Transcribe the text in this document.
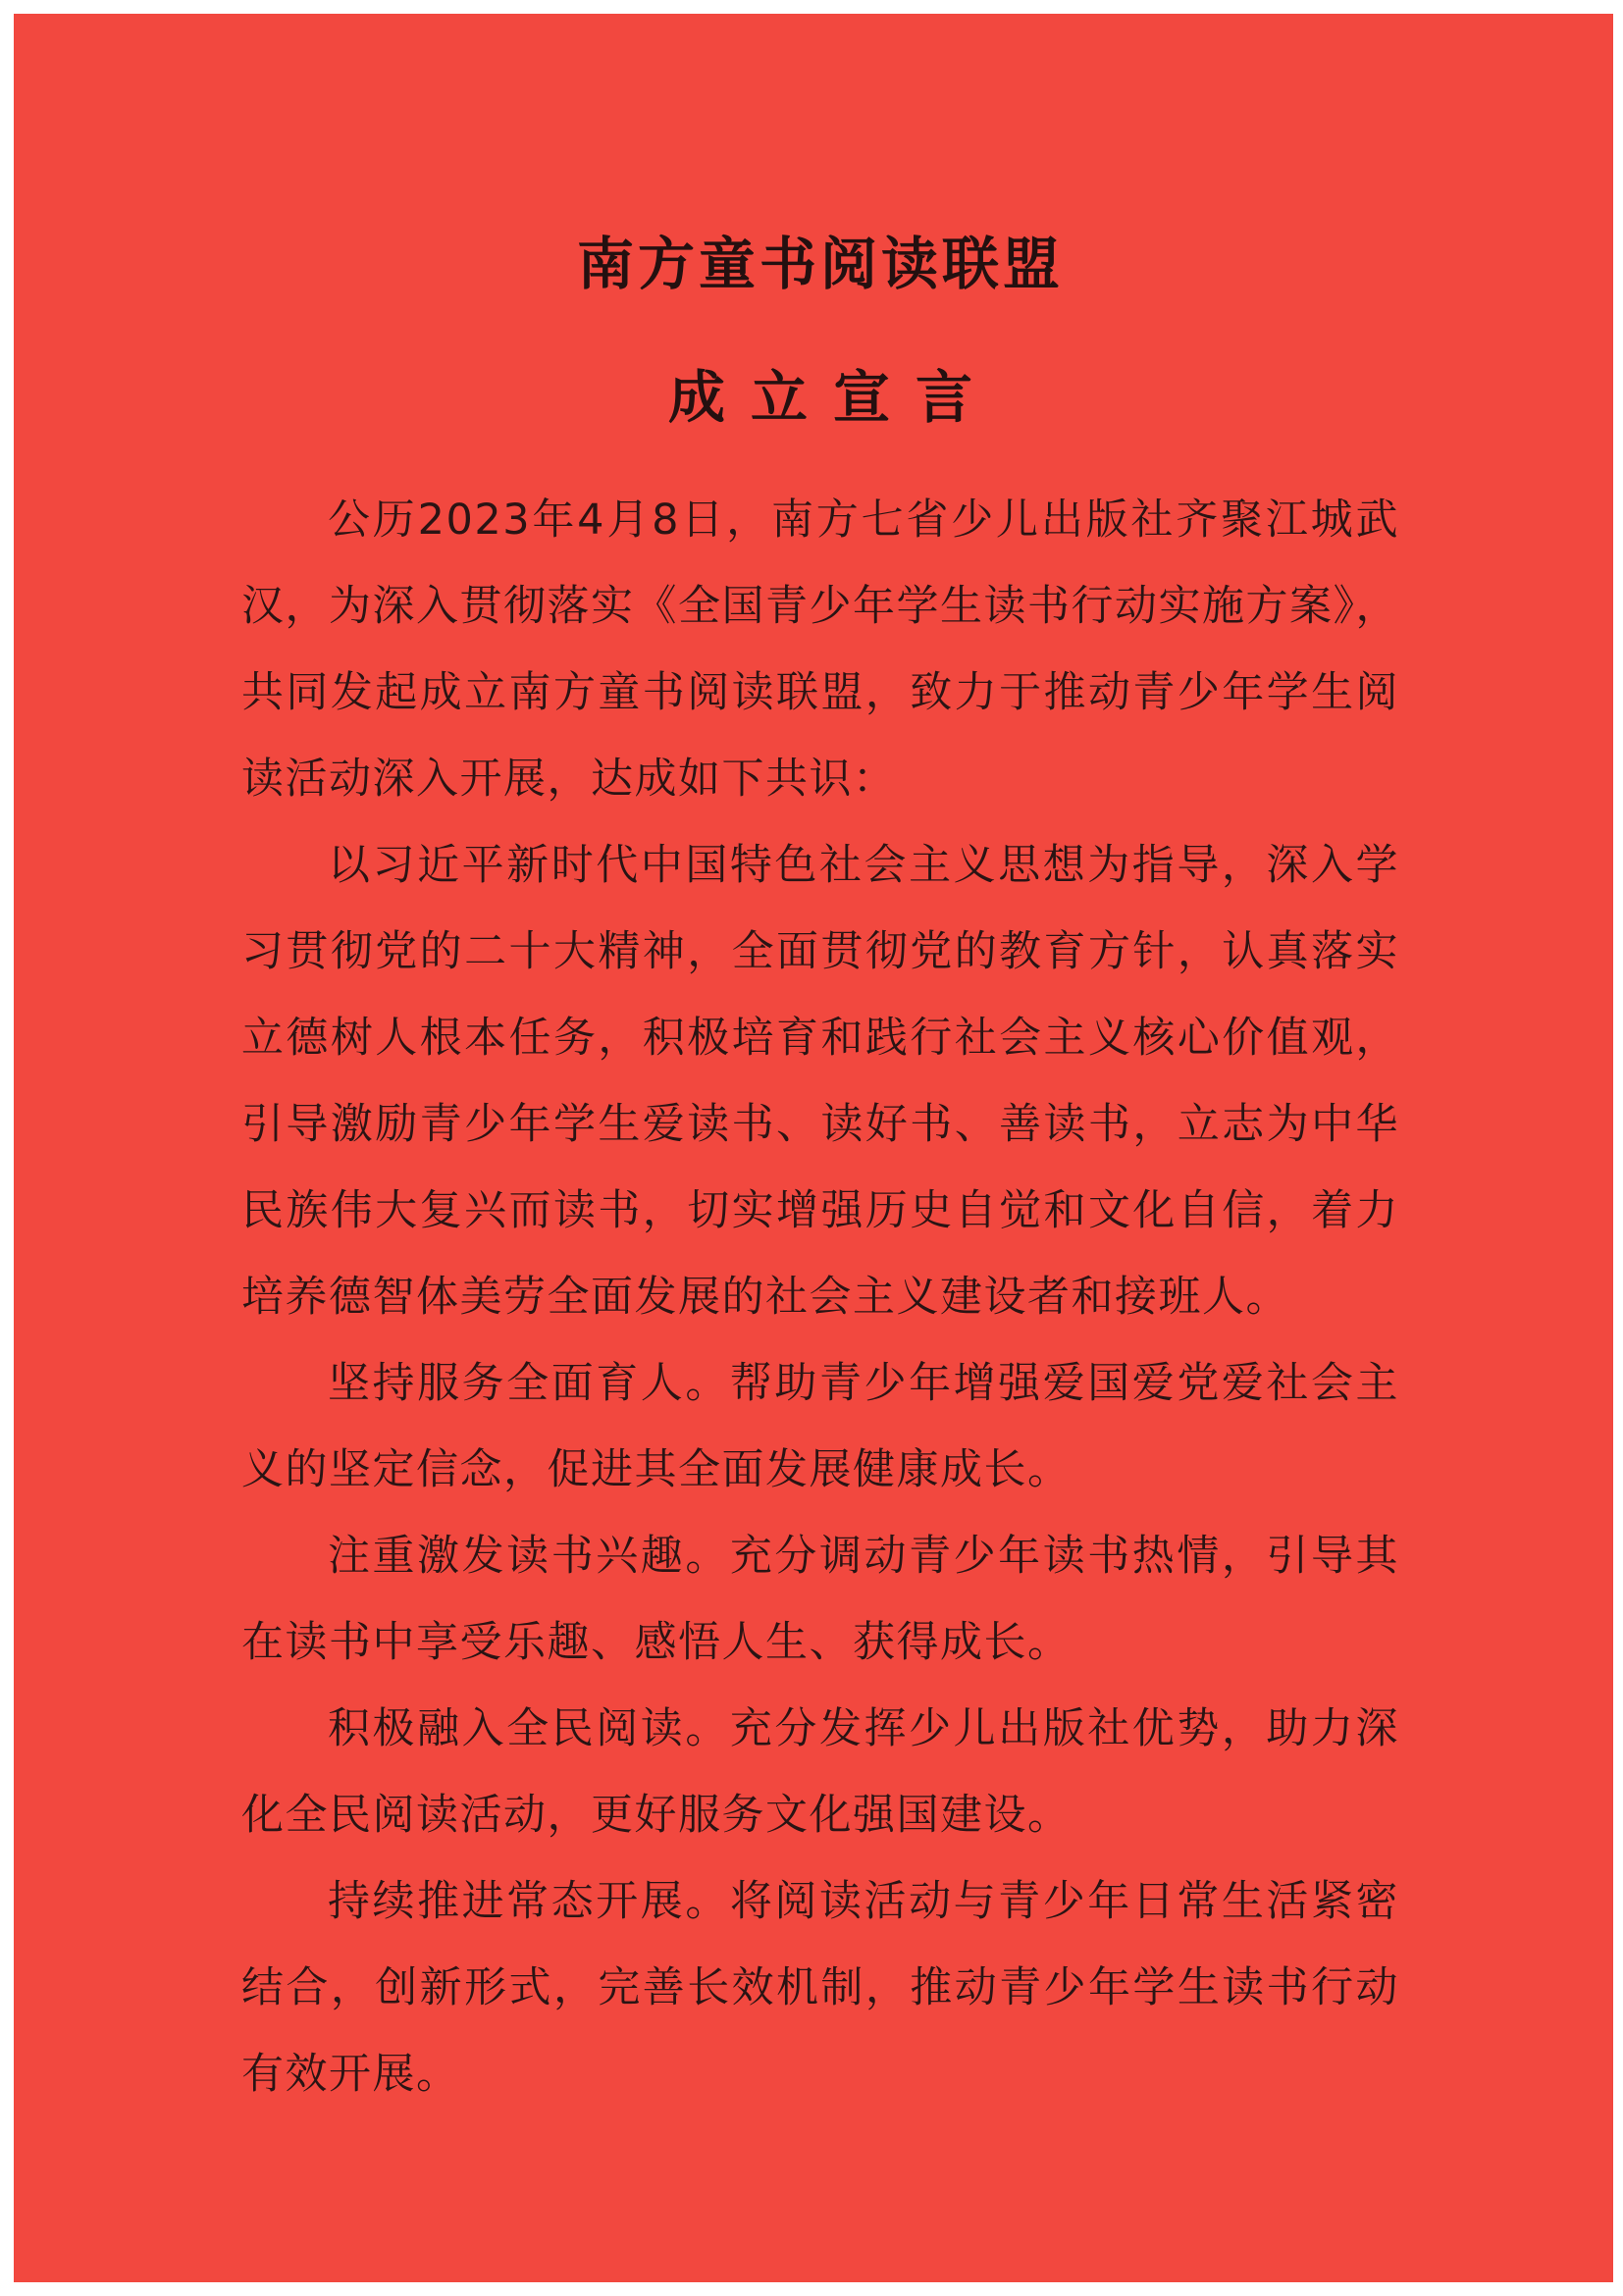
南方童书阅读联盟
成立宣言

公历2023年4月8日，南方七省少儿出版社齐聚江城武汉，为深入贯彻落实《全国青少年学生读书行动实施方案》，共同发起成立南方童书阅读联盟，致力于推动青少年学生阅读活动深入开展，达成如下共识：

以习近平新时代中国特色社会主义思想为指导，深入学习贯彻党的二十大精神，全面贯彻党的教育方针，认真落实立德树人根本任务，积极培育和践行社会主义核心价值观，引导激励青少年学生爱读书、读好书、善读书，立志为中华民族伟大复兴而读书，切实增强历史自觉和文化自信，着力培养德智体美劳全面发展的社会主义建设者和接班人。

坚持服务全面育人。帮助青少年增强爱国爱党爱社会主义的坚定信念，促进其全面发展健康成长。

注重激发读书兴趣。充分调动青少年读书热情，引导其在读书中享受乐趣、感悟人生、获得成长。

积极融入全民阅读。充分发挥少儿出版社优势，助力深化全民阅读活动，更好服务文化强国建设。

持续推进常态开展。将阅读活动与青少年日常生活紧密结合，创新形式，完善长效机制，推动青少年学生读书行动有效开展。
